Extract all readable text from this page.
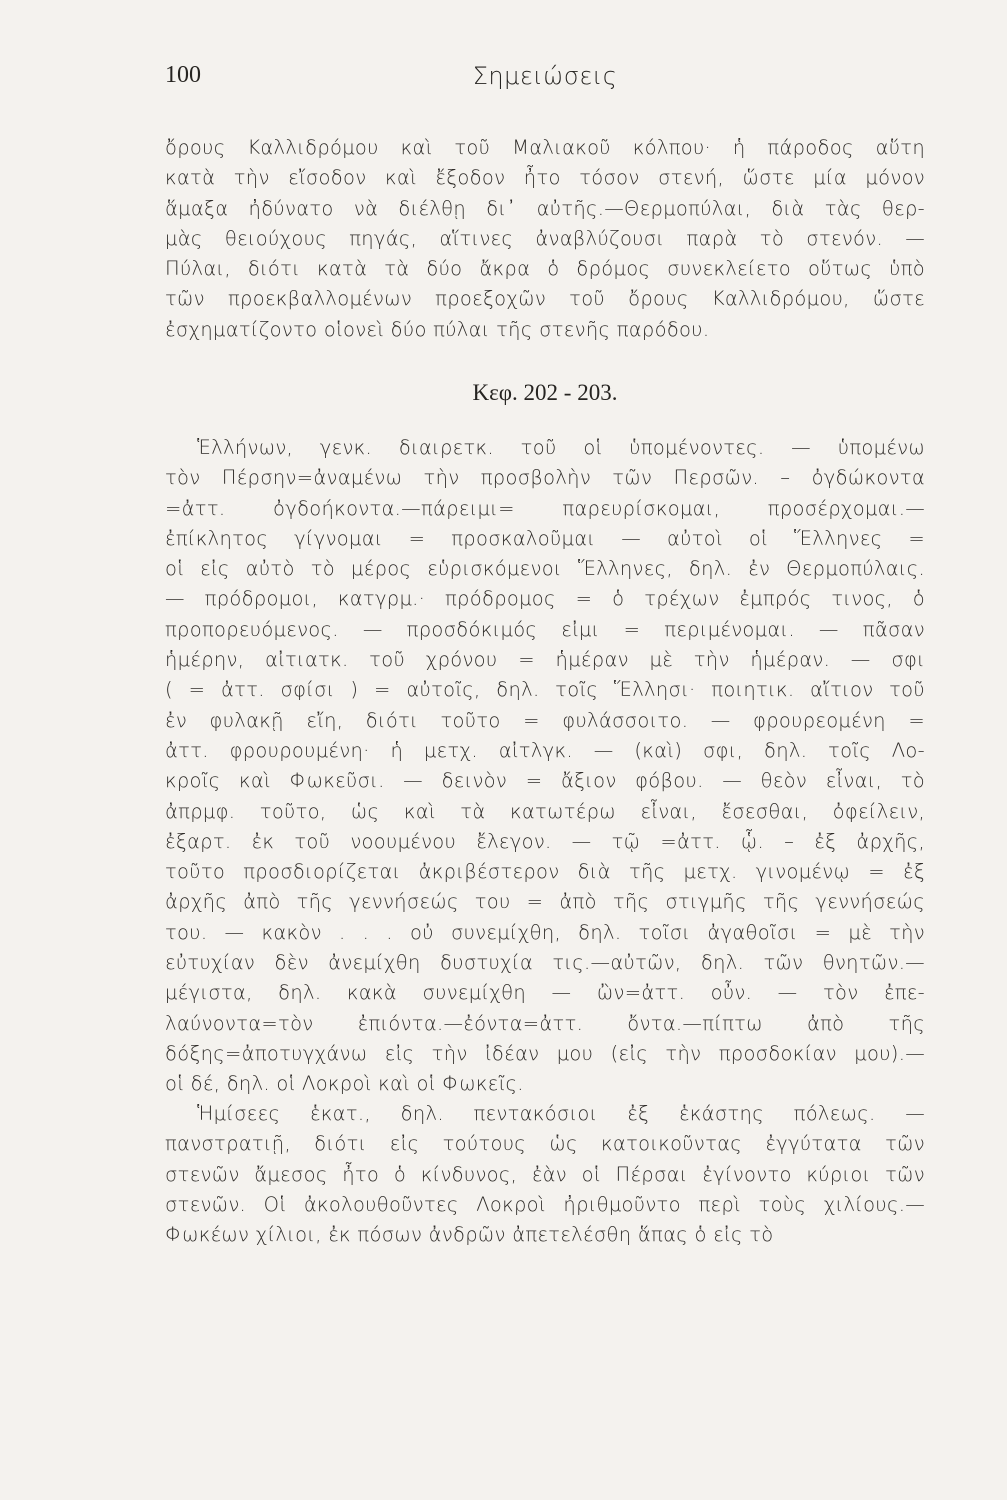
100	Σημειώσεις
ὄρους Καλλιδρόμου καὶ τοῦ Μαλιακοῦ κόλπου· ἡ πάροδος αὕτη
κατὰ τὴν εἴσοδον καὶ ἔξοδον ἦτο τόσον στενή, ὥστε μία μόνον
ἅμαξα ἠδύνατο νὰ διέλθῃ δι᾿ αὐτῆς.—Θερμοπύλαι, διὰ τὰς θερ-
μὰς θειούχους πηγάς, αἵτινες ἀναβλύζουσι παρὰ τὸ στενόν. —
Πύλαι, διότι κατὰ τὰ δύο ἄκρα ὁ δρόμος συνεκλείετο οὕτως ὑπὸ
τῶν προεκβαλλομένων προεξοχῶν τοῦ ὄρους Καλλιδρόμου, ὥστε
ἐσχηματίζοντο οἱονεὶ δύο πύλαι τῆς στενῆς παρόδου.
Κεφ. 202 - 203.
Ἑλλήνων, γενκ. διαιρετκ. τοῦ οἱ ὑπομένοντες. — ὑπομένω
τὸν Πέρσην=ἀναμένω τὴν προσβολὴν τῶν Περσῶν. – ὀγδώκοντα
=ἀττ. ὀγδοήκοντα.—πάρειμι= παρευρίσκομαι, προσέρχομαι.—
ἐπίκλητος γίγνομαι = προσκαλοῦμαι — αὐτοὶ οἱ Ἕλληνες =
οἱ εἰς αὐτὸ τὸ μέρος εὑρισκόμενοι Ἕλληνες, δηλ. ἐν Θερμοπύλαις.
— πρόδρομοι, κατγρμ.· πρόδρομος = ὁ τρέχων ἐμπρός τινος, ὁ
προπορευόμενος. — προσδόκιμός εἰμι = περιμένομαι. — πᾶσαν
ἡμέρην, αἰτιατκ. τοῦ χρόνου = ἡμέραν μὲ τὴν ἡμέραν. — σφι
( = ἀττ. σφίσι ) = αὐτοῖς, δηλ. τοῖς Ἕλλησι· ποιητικ. αἴτιον τοῦ
ἐν φυλακῇ εἴη, διότι τοῦτο = φυλάσσοιτο. — φρουρεομένη =
ἀττ. φρουρουμένη· ἡ μετχ. αἰτλγκ. — (καὶ) σφι, δηλ. τοῖς Λο-
κροῖς καὶ Φωκεῦσι. — δεινὸν = ἄξιον φόβου. — θεὸν εἶναι, τὸ
ἀπρμφ. τοῦτο, ὡς καὶ τὰ κατωτέρω εἶναι, ἔσεσθαι, ὀφείλειν,
ἐξαρτ. ἐκ τοῦ νοουμένου ἔλεγον. — τῷ =ἀττ. ᾧ. – ἐξ ἀρχῆς,
τοῦτο προσδιορίζεται ἀκριβέστερον διὰ τῆς μετχ. γινομένῳ = ἐξ
ἀρχῆς ἀπὸ τῆς γεννήσεώς του = ἀπὸ τῆς στιγμῆς τῆς γεννήσεώς
του. — κακὸν . . . οὐ συνεμίχθη, δηλ. τοῖσι ἀγαθοῖσι = μὲ τὴν
εὐτυχίαν δὲν ἀνεμίχθη δυστυχία τις.—αὐτῶν, δηλ. τῶν θνητῶν.—
μέγιστα, δηλ. κακὰ συνεμίχθη — ὢν=ἀττ. οὖν. — τὸν ἐπε-
λαύνοντα=τὸν ἐπιόντα.—ἐόντα=ἀττ. ὄντα.—πίπτω ἀπὸ τῆς
δόξης=ἀποτυγχάνω εἰς τὴν ἰδέαν μου (εἰς τὴν προσδοκίαν μου).—
οἱ δέ, δηλ. οἱ Λοκροὶ καὶ οἱ Φωκεῖς.
Ἡμίσεες ἑκατ., δηλ. πεντακόσιοι ἐξ ἑκάστης πόλεως. —
πανστρατιῇ, διότι εἰς τούτους ὡς κατοικοῦντας ἐγγύτατα τῶν
στενῶν ἄμεσος ἦτο ὁ κίνδυνος, ἐὰν οἱ Πέρσαι ἐγίνοντο κύριοι τῶν
στενῶν. Οἱ ἀκολουθοῦντες Λοκροὶ ἠριθμοῦντο περὶ τοὺς χιλίους.—
Φωκέων χίλιοι, ἐκ πόσων ἀνδρῶν ἀπετελέσθη ἅπας ὁ εἰς τὸ
